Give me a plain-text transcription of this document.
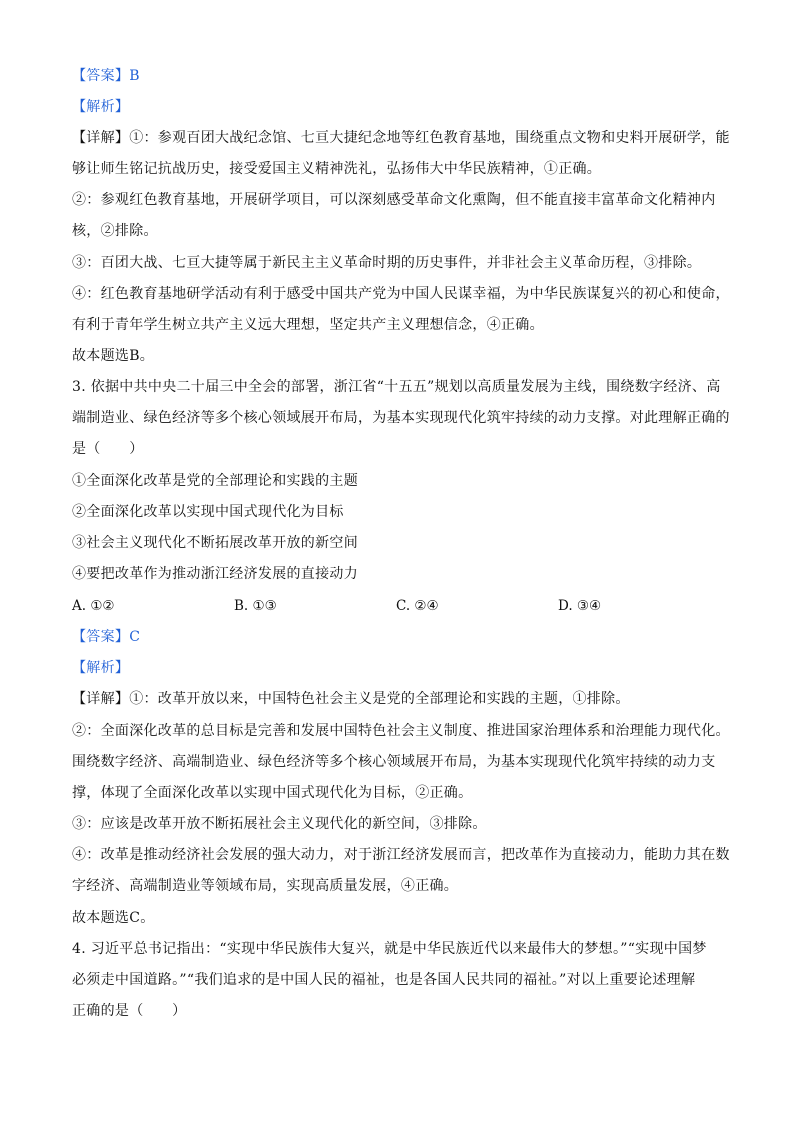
【答案】B
【解析】
【详解】①：参观百团大战纪念馆、七亘大捷纪念地等红色教育基地，围绕重点文物和史料开展研学，能
够让师生铭记抗战历史，接受爱国主义精神洗礼，弘扬伟大中华民族精神，①正确。
②：参观红色教育基地，开展研学项目，可以深刻感受革命文化熏陶，但不能直接丰富革命文化精神内
核，②排除。
③：百团大战、七亘大捷等属于新民主主义革命时期的历史事件，并非社会主义革命历程，③排除。
④：红色教育基地研学活动有利于感受中国共产党为中国人民谋幸福，为中华民族谋复兴的初心和使命，
有利于青年学生树立共产主义远大理想，坚定共产主义理想信念，④正确。
故本题选B。
3. 依据中共中央二十届三中全会的部署，浙江省“十五五”规划以高质量发展为主线，围绕数字经济、高
端制造业、绿色经济等多个核心领域展开布局，为基本实现现代化筑牢持续的动力支撑。对此理解正确的
是（　　）
①全面深化改革是党的全部理论和实践的主题
②全面深化改革以实现中国式现代化为目标
③社会主义现代化不断拓展改革开放的新空间
④要把改革作为推动浙江经济发展的直接动力
A. ①②	B. ①③	C. ②④	D. ③④
【答案】C
【解析】
【详解】①：改革开放以来，中国特色社会主义是党的全部理论和实践的主题，①排除。
②：全面深化改革的总目标是完善和发展中国特色社会主义制度、推进国家治理体系和治理能力现代化。
围绕数字经济、高端制造业、绿色经济等多个核心领域展开布局，为基本实现现代化筑牢持续的动力支
撑，体现了全面深化改革以实现中国式现代化为目标，②正确。
③：应该是改革开放不断拓展社会主义现代化的新空间，③排除。
④：改革是推动经济社会发展的强大动力，对于浙江经济发展而言，把改革作为直接动力，能助力其在数
字经济、高端制造业等领域布局，实现高质量发展，④正确。
故本题选C。
4. 习近平总书记指出：“实现中华民族伟大复兴，就是中华民族近代以来最伟大的梦想。”“实现中国梦
必须走中国道路。”“我们追求的是中国人民的福祉，也是各国人民共同的福祉。”对以上重要论述理解
正确的是（　　）
